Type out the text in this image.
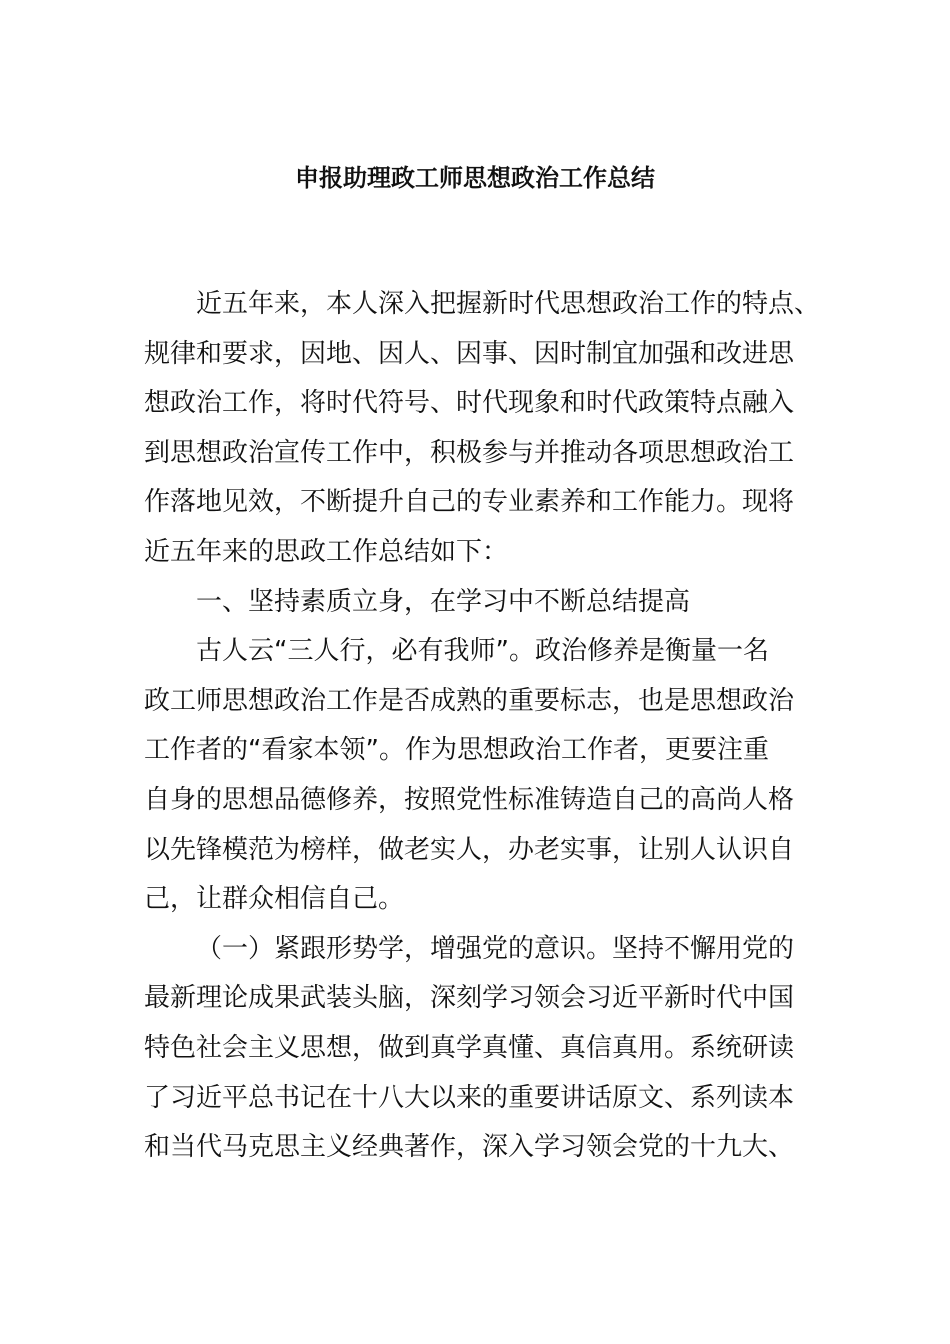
申报助理政工师思想政治工作总结
近五年来，本人深入把握新时代思想政治工作的特点、
规律和要求，因地、因人、因事、因时制宜加强和改进思
想政治工作，将时代符号、时代现象和时代政策特点融入
到思想政治宣传工作中，积极参与并推动各项思想政治工
作落地见效，不断提升自己的专业素养和工作能力。现将
近五年来的思政工作总结如下：
一、坚持素质立身，在学习中不断总结提高
古人云“三人行，必有我师”。政治修养是衡量一名
政工师思想政治工作是否成熟的重要标志，也是思想政治
工作者的“看家本领”。作为思想政治工作者，更要注重
自身的思想品德修养，按照党性标准铸造自己的高尚人格
以先锋模范为榜样，做老实人，办老实事，让别人认识自
己，让群众相信自己。
（一）紧跟形势学，增强党的意识。坚持不懈用党的
最新理论成果武装头脑，深刻学习领会习近平新时代中国
特色社会主义思想，做到真学真懂、真信真用。系统研读
了习近平总书记在十八大以来的重要讲话原文、系列读本
和当代马克思主义经典著作，深入学习领会党的十九大、
